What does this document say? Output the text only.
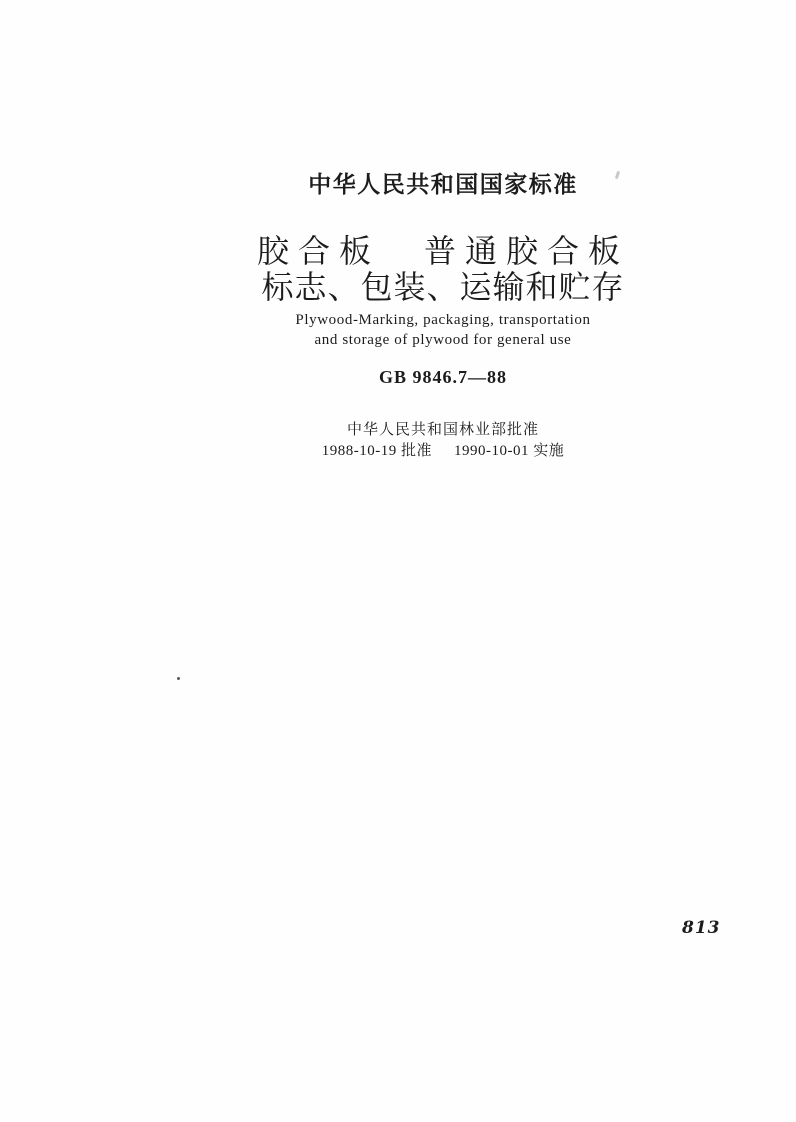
中华人民共和国国家标准
胶合板 普通胶合板
标志、包装、运输和贮存
Plywood-Marking, packaging, transportation
and storage of plywood for general use
GB 9846.7—88
中华人民共和国林业部批准
1988-10-19 批准 1990-10-01 实施
813
